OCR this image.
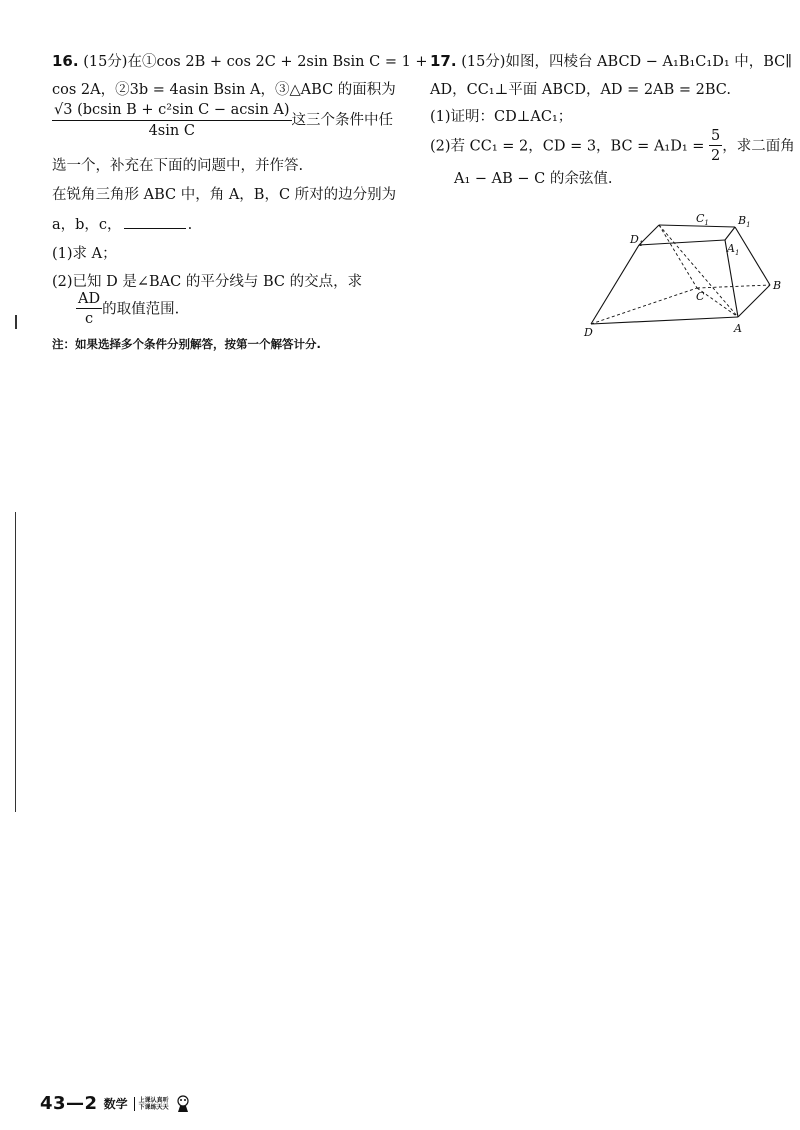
16. (15分)在①cos 2B + cos 2C + 2sin Bsin C = 1 +
cos 2A，②3b = 4asin Bsin A，③△ABC 的面积为
$\frac{\text{√3 (bcsin B + c²sin C − acsin A)}}{\text{4sin C}}$ 这三个条件中任
选一个，补充在下面的问题中，并作答.
在锐角三角形 ABC 中，角 A，B，C 所对的边分别为
a，b，c，	.
(1)求 A；
(2)已知 D 是∠BAC 的平分线与 BC 的交点，求
$\frac{AD}{c}$ 的取值范围.
注：如果选择多个条件分别解答，按第一个解答计分.
17. (15分)如图，四棱台 ABCD − A₁B₁C₁D₁ 中，BC∥
AD，CC₁⊥平面 ABCD，AD = 2AB = 2BC.
(1)证明：CD⊥AC₁；
(2)若 CC₁ = 2，CD = 3，BC = $A_1D_1 = \frac{5}{2}$ ，求二面角
A₁ − AB − C 的余弦值.
$C_1$	$B_1$
$D_1$	$A_1$
C
B
D	A
43—2 数学 上课认真听
下课练天天
